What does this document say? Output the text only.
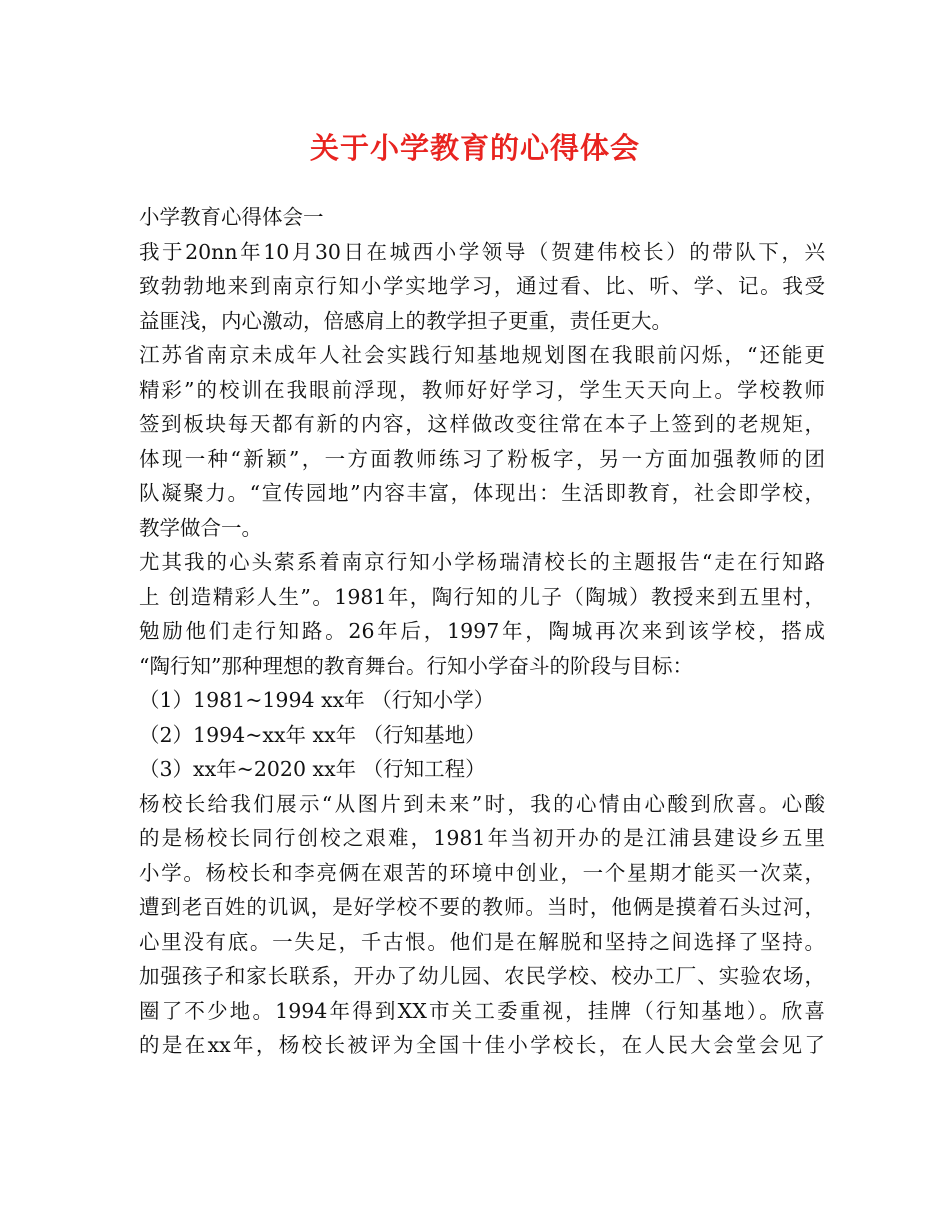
关于小学教育的心得体会
小学教育心得体会一
我于20nn年10月30日在城西小学领导（贺建伟校长）的带队下，兴
致勃勃地来到南京行知小学实地学习，通过看、比、听、学、记。我受
益匪浅，内心激动，倍感肩上的教学担子更重，责任更大。
江苏省南京未成年人社会实践行知基地规划图在我眼前闪烁，“还能更
精彩”的校训在我眼前浮现，教师好好学习，学生天天向上。学校教师
签到板块每天都有新的内容，这样做改变往常在本子上签到的老规矩，
体现一种“新颖”，一方面教师练习了粉板字，另一方面加强教师的团
队凝聚力。“宣传园地”内容丰富，体现出：生活即教育，社会即学校，
教学做合一。
尤其我的心头萦系着南京行知小学杨瑞清校长的主题报告“走在行知路
上 创造精彩人生”。1981年，陶行知的儿子（陶城）教授来到五里村，
勉励他们走行知路。26年后，1997年，陶城再次来到该学校，搭成
“陶行知”那种理想的教育舞台。行知小学奋斗的阶段与目标：
（1）1981~1994 xx年 （行知小学）
（2）1994~xx年 xx年 （行知基地）
（3）xx年~2020 xx年 （行知工程）
杨校长给我们展示“从图片到未来”时，我的心情由心酸到欣喜。心酸
的是杨校长同行创校之艰难，1981年当初开办的是江浦县建设乡五里
小学。杨校长和李亮俩在艰苦的环境中创业，一个星期才能买一次菜，
遭到老百姓的讥讽，是好学校不要的教师。当时，他俩是摸着石头过河，
心里没有底。一失足，千古恨。他们是在解脱和坚持之间选择了坚持。
加强孩子和家长联系，开办了幼儿园、农民学校、校办工厂、实验农场，
圈了不少地。1994年得到XX市关工委重视，挂牌（行知基地）。欣喜
的是在xx年，杨校长被评为全国十佳小学校长，在人民大会堂会见了
